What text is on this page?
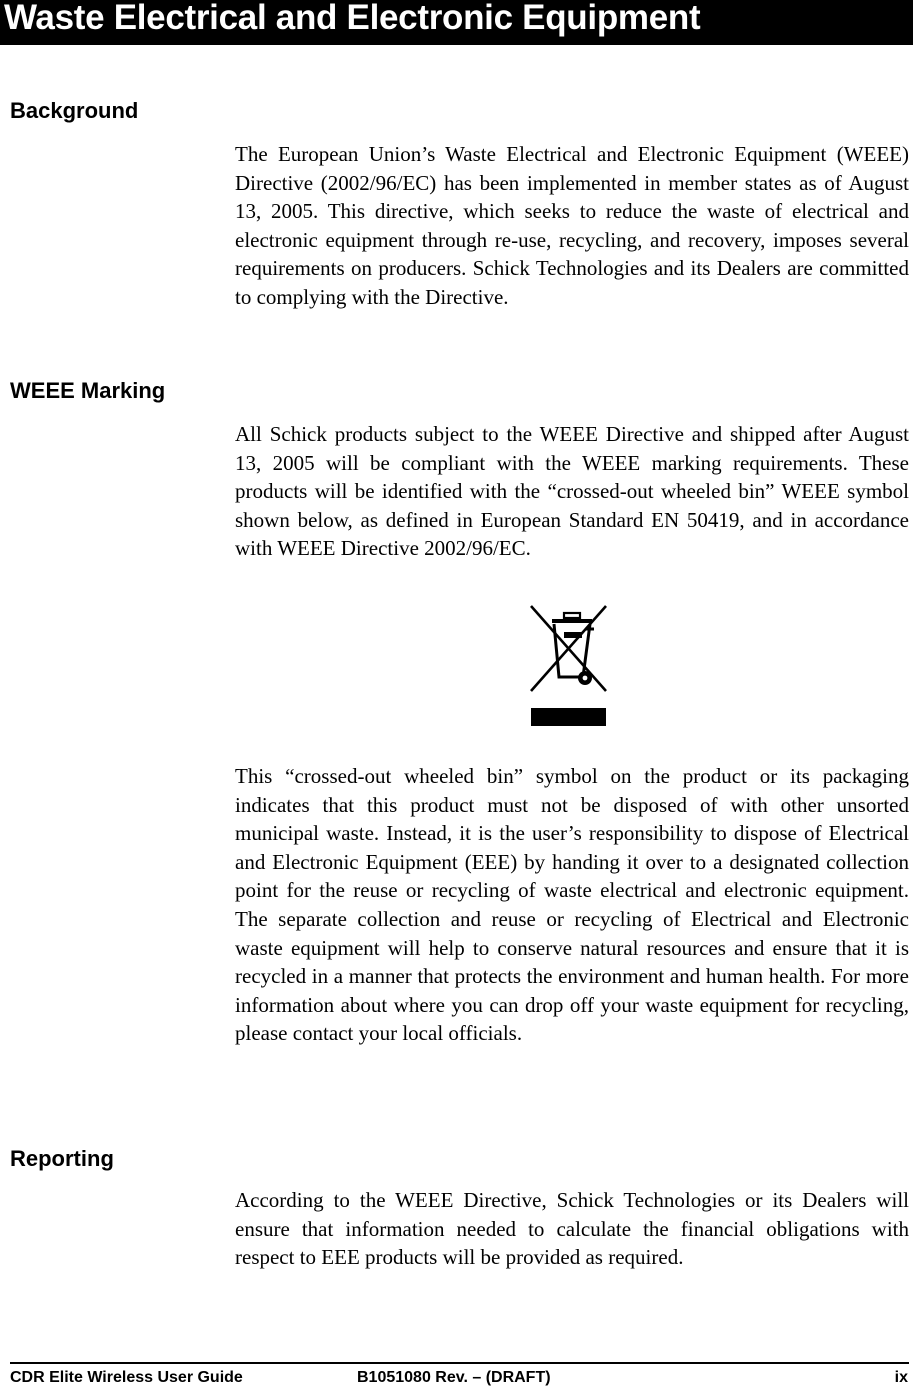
Waste Electrical and Electronic Equipment
Background

The European Union’s Waste Electrical and Electronic Equipment (WEEE) Directive (2002/96/EC) has been implemented in member states as of August 13, 2005. This directive, which seeks to reduce the waste of electrical and electronic equipment through re-use, recycling, and recovery, imposes several requirements on producers. Schick Technologies and its Dealers are committed to complying with the Directive.

WEEE Marking

All Schick products subject to the WEEE Directive and shipped after August 13, 2005 will be compliant with the WEEE marking requirements. These products will be identified with the “crossed-out wheeled bin” WEEE symbol shown below, as defined in European Standard EN 50419, and in accordance with WEEE Directive 2002/96/EC.

This “crossed-out wheeled bin” symbol on the product or its packaging indicates that this product must not be disposed of with other unsorted municipal waste. Instead, it is the user’s responsibility to dispose of Electrical and Electronic Equipment (EEE) by handing it over to a designated collection point for the reuse or recycling of waste electrical and electronic equipment. The separate collection and reuse or recycling of Electrical and Electronic waste equipment will help to conserve natural resources and ensure that it is recycled in a manner that protects the environment and human health. For more information about where you can drop off your waste equipment for recycling, please contact your local officials.

Reporting

According to the WEEE Directive, Schick Technologies or its Dealers will ensure that information needed to calculate the financial obligations with respect to EEE products will be provided as required.

CDR Elite Wireless User Guide	B1051080 Rev. – (DRAFT)	ix
